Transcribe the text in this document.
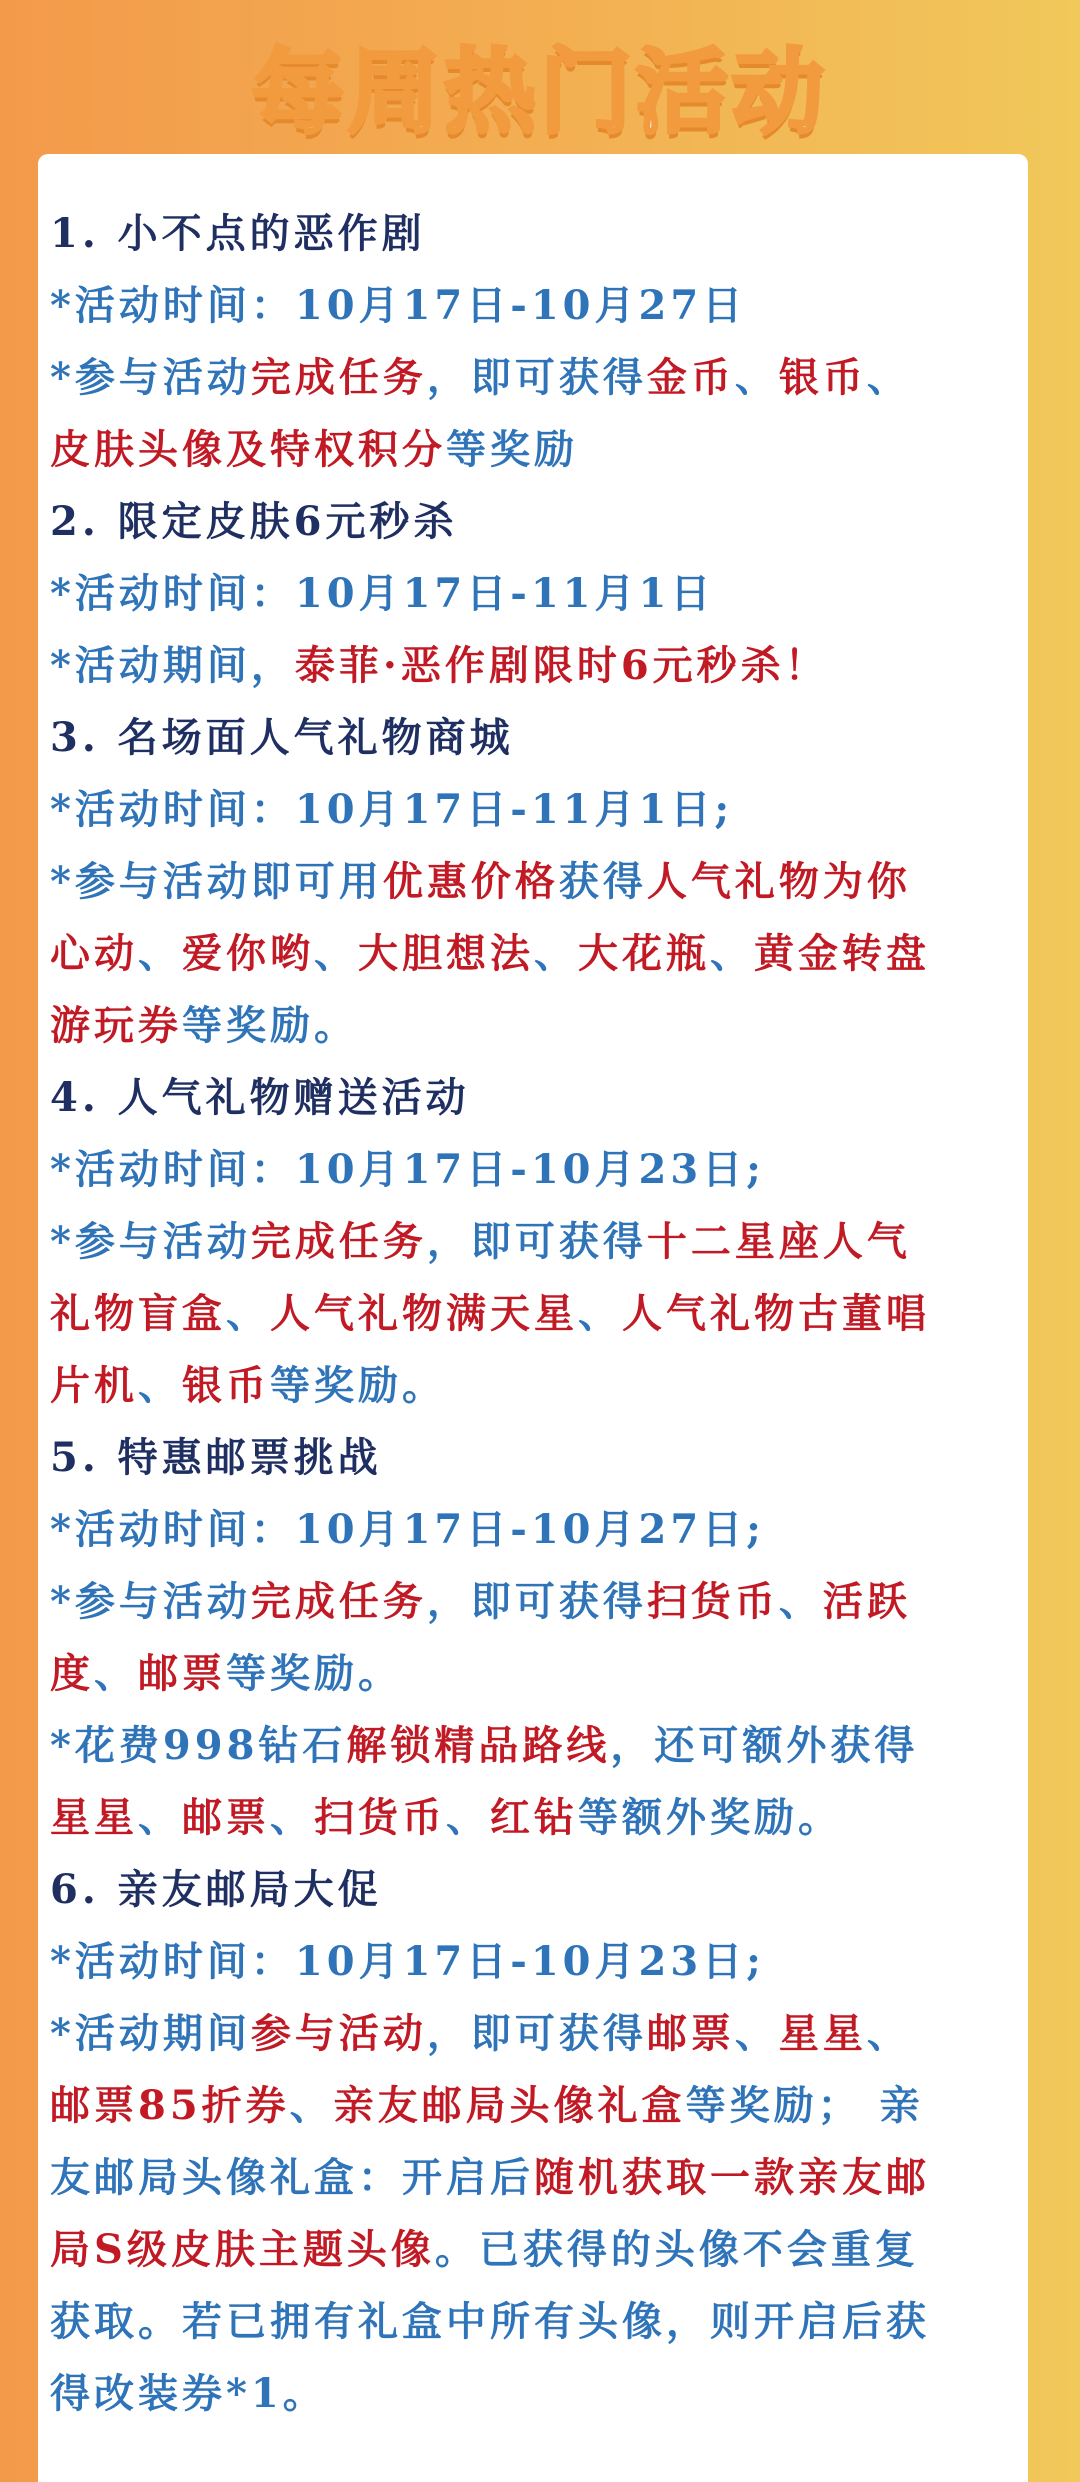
每周热门活动
1. 小不点的恶作剧
*活动时间：10月17日-10月27日
*参与活动完成任务，即可获得金币、银币、
皮肤头像及特权积分等奖励
2. 限定皮肤6元秒杀
*活动时间：10月17日-11月1日
*活动期间，泰菲·恶作剧限时6元秒杀！
3. 名场面人气礼物商城
*活动时间：10月17日-11月1日;
*参与活动即可用优惠价格获得人气礼物为你
心动、爱你哟、大胆想法、大花瓶、黄金转盘
游玩券等奖励。
4. 人气礼物赠送活动
*活动时间：10月17日-10月23日;
*参与活动完成任务，即可获得十二星座人气
礼物盲盒、人气礼物满天星、人气礼物古董唱
片机、银币等奖励。
5. 特惠邮票挑战
*活动时间：10月17日-10月27日;
*参与活动完成任务，即可获得扫货币、活跃
度、邮票等奖励。
*花费998钻石解锁精品路线，还可额外获得
星星、邮票、扫货币、红钻等额外奖励。
6. 亲友邮局大促
*活动时间：10月17日-10月23日;
*活动期间参与活动，即可获得邮票、星星、
邮票85折券、亲友邮局头像礼盒等奖励； 亲
友邮局头像礼盒：开启后随机获取一款亲友邮
局S级皮肤主题头像。已获得的头像不会重复
获取。若已拥有礼盒中所有头像，则开启后获
得改装券*1。
